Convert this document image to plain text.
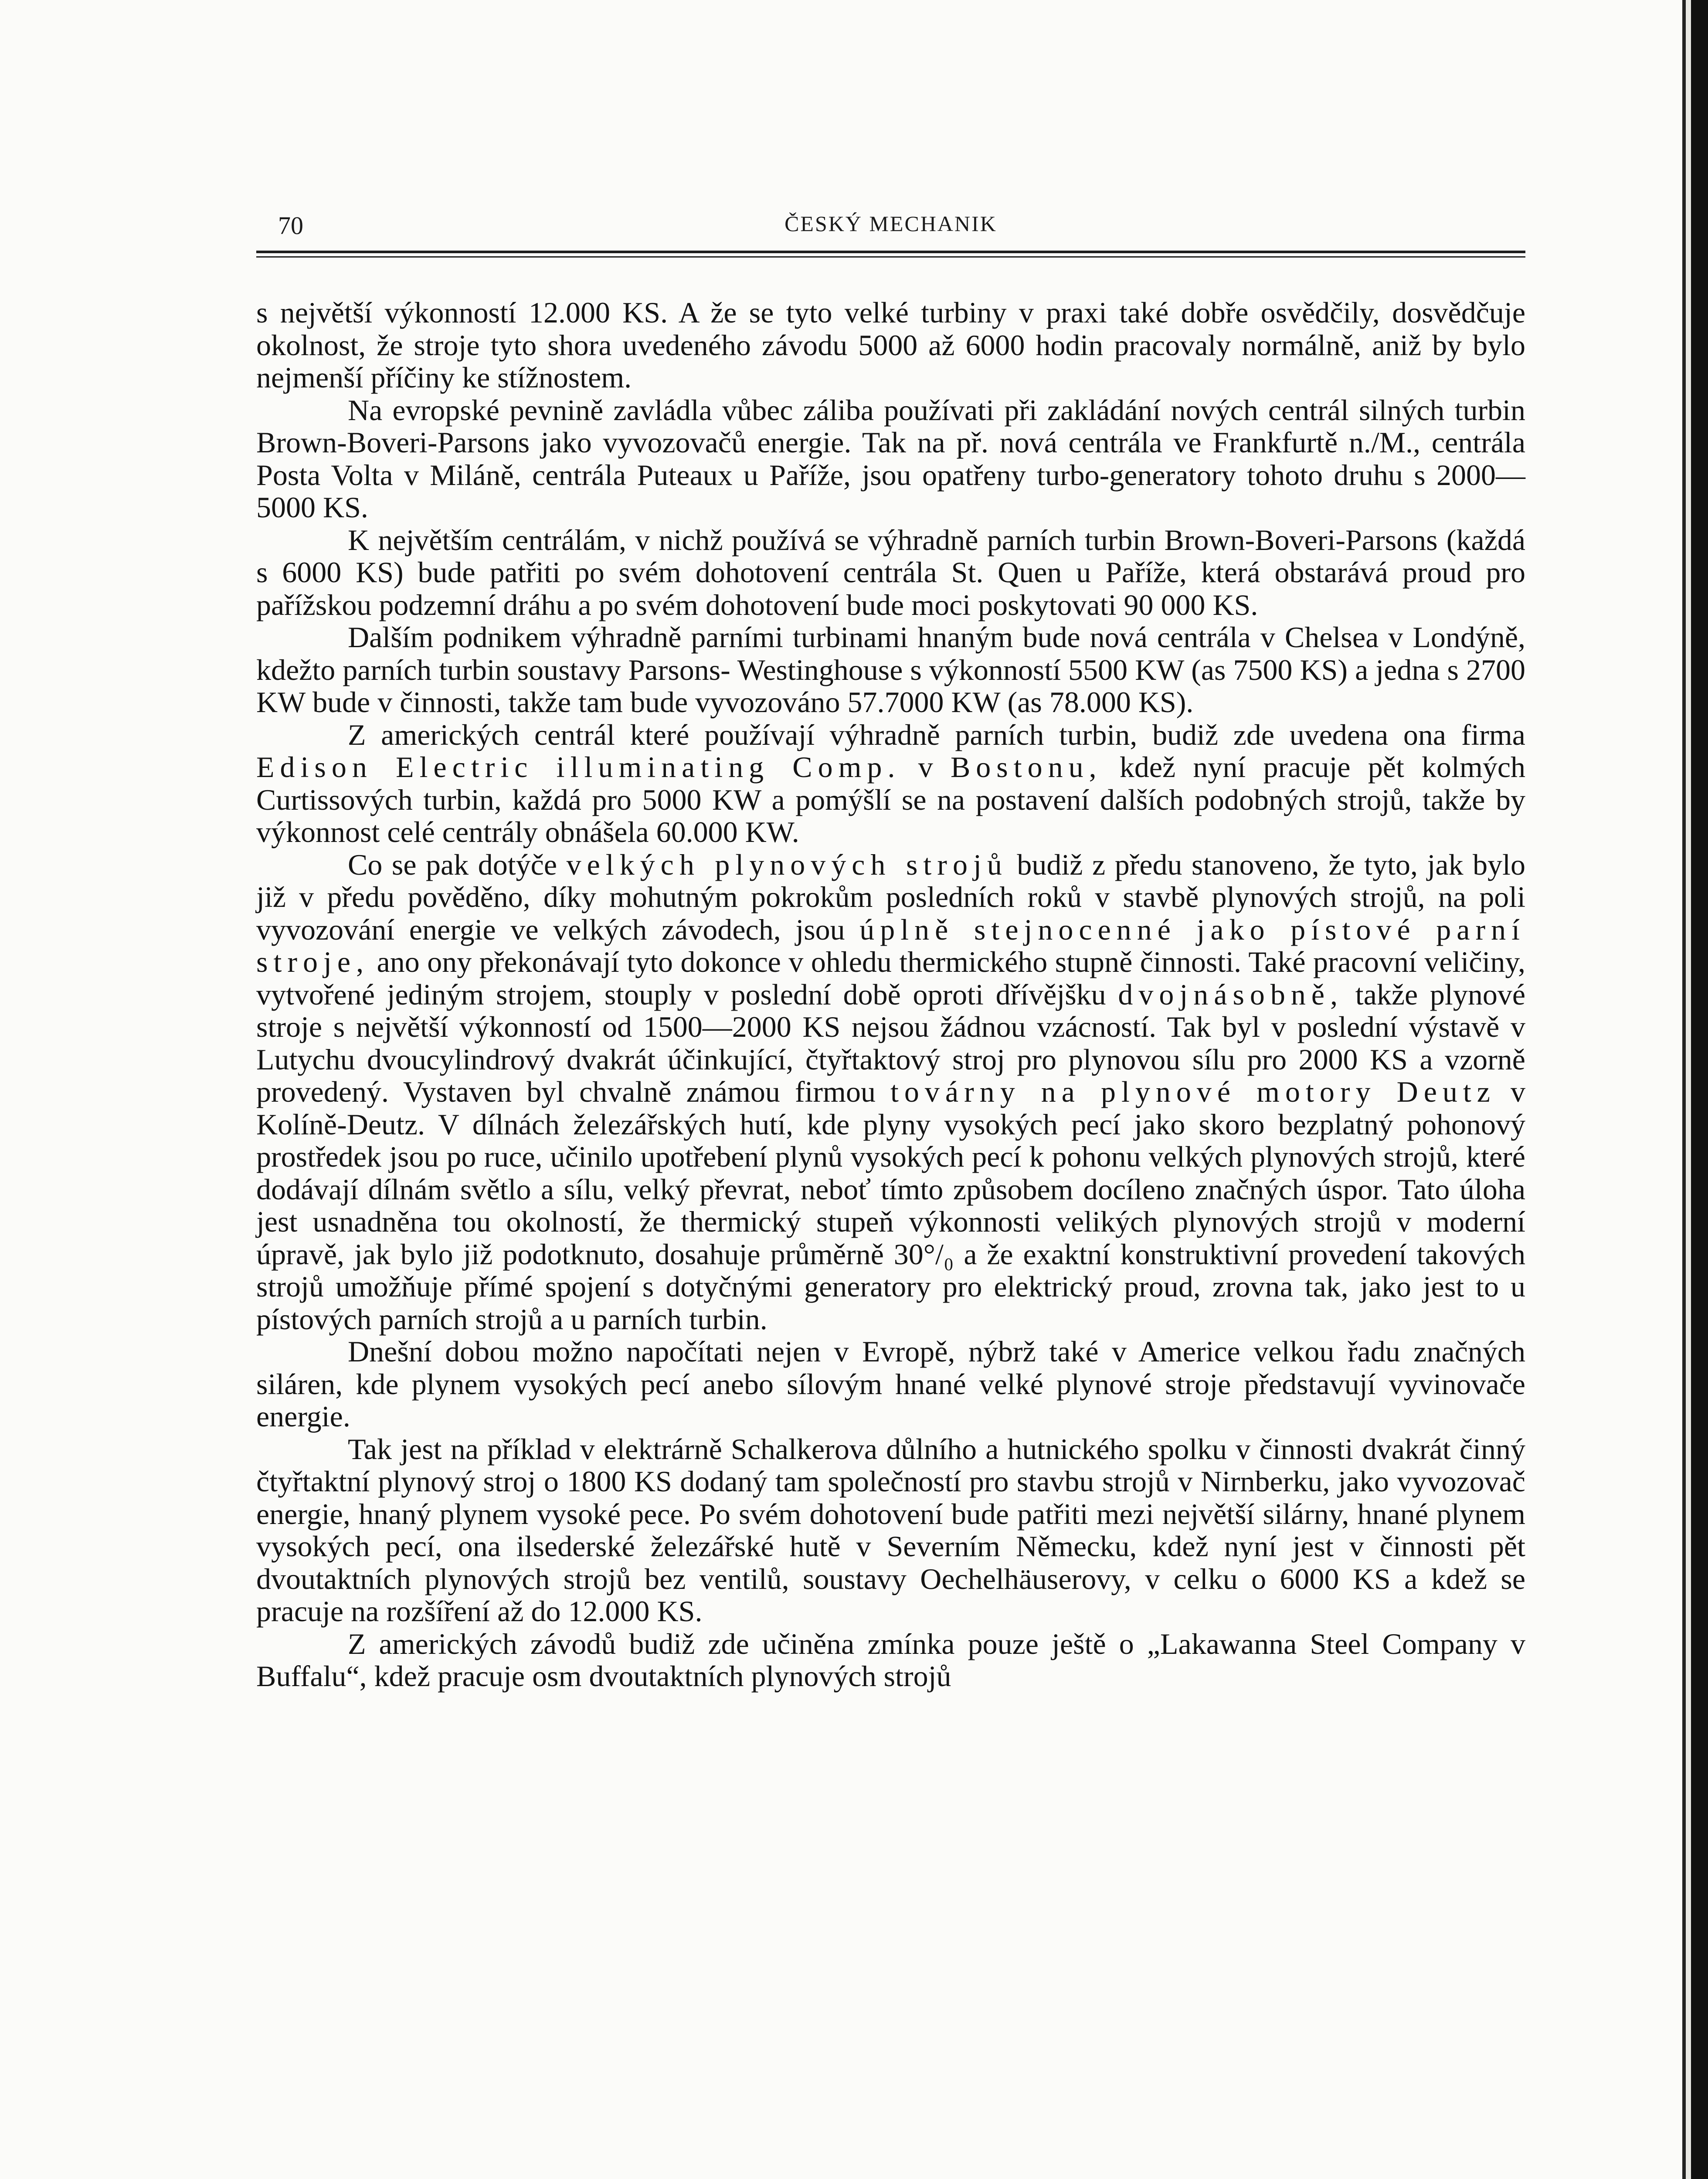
70	ČESKÝ MECHANIK

s největší výkonností 12.000 KS. A že se tyto velké turbiny v praxi také dobře osvědčily, dosvědčuje okolnost, že stroje tyto shora uvedeného závodu 5000 až 6000 hodin pracovaly normálně, aniž by bylo nejmenší příčiny ke stížnostem.

Na evropské pevnině zavládla vůbec záliba používati při zakládání nových centrál silných turbin Brown-Boveri-Parsons jako vyvozovačů energie. Tak na př. nová centrála ve Frankfurtě n./M., centrála Posta Volta v Miláně, centrála Puteaux u Paříže, jsou opatřeny turbo-generatory tohoto druhu s 2000—5000 KS.

K největším centrálám, v nichž používá se výhradně parních turbin Brown-Boveri-Parsons (každá s 6000 KS) bude patřiti po svém dohotovení centrála St. Quen u Paříže, která obstarává proud pro pařížskou podzemní dráhu a po svém dohotovení bude moci poskytovati 90 000 KS.

Dalším podnikem výhradně parními turbinami hnaným bude nová centrála v Chelsea v Londýně, kdežto parních turbin soustavy Parsons- Westinghouse s výkonností 5500 KW (as 7500 KS) a jedna s 2700 KW bude v činnosti, takže tam bude vyvozováno 57.7000 KW (as 78.000 KS).

Z amerických centrál které používají výhradně parních turbin, budiž zde uvedena ona firma Edison Electric illuminating Comp. v Bostonu, kdež nyní pracuje pět kolmých Curtissových turbin, každá pro 5000 KW a pomýšlí se na postavení dalších podobných strojů, takže by výkonnost celé centrály obnášela 60.000 KW.

Co se pak dotýče velkých plynových strojů budiž z předu stanoveno, že tyto, jak bylo již v předu pověděno, díky mohutným pokrokům posledních roků v stavbě plynových strojů, na poli vyvozování energie ve velkých závodech, jsou úplně stejnocenné jako pístové parní stroje, ano ony překonávají tyto dokonce v ohledu thermického stupně činnosti. Také pracovní veličiny, vytvořené jediným strojem, stouply v poslední době oproti dřívějšku dvojnásobně, takže plynové stroje s největší výkonností od 1500—2000 KS nejsou žádnou vzácností. Tak byl v poslední výstavě v Lutychu dvoucylindrový dvakrát účinkující, čtyřtaktový stroj pro plynovou sílu pro 2000 KS a vzorně provedený. Vystaven byl chvalně známou firmou továrny na plynové motory Deutz v Kolíně-Deutz. V dílnách železářských hutí, kde plyny vysokých pecí jako skoro bezplatný pohonový prostředek jsou po ruce, učinilo upotřebení plynů vysokých pecí k pohonu velkých plynových strojů, které dodávají dílnám světlo a sílu, velký převrat, neboť tímto způsobem docíleno značných úspor. Tato úloha jest usnadněna tou okolností, že thermický stupeň výkonnosti velikých plynových strojů v moderní úpravě, jak bylo již podotknuto, dosahuje průměrně 30°/₀ a že exaktní konstruktivní provedení takových strojů umožňuje přímé spojení s dotyčnými generatory pro elektrický proud, zrovna tak, jako jest to u pístových parních strojů a u parních turbin.

Dnešní dobou možno napočítati nejen v Evropě, nýbrž také v Americe velkou řadu značných siláren, kde plynem vysokých pecí anebo sílovým hnané velké plynové stroje představují vyvinovače energie.

Tak jest na příklad v elektrárně Schalkerova důlního a hutnického spolku v činnosti dvakrát činný čtyřtaktní plynový stroj o 1800 KS dodaný tam společností pro stavbu strojů v Nirnberku, jako vyvozovač energie, hnaný plynem vysoké pece. Po svém dohotovení bude patřiti mezi největší silárny, hnané plynem vysokých pecí, ona ilsederské železářské hutě v Severním Německu, kdež nyní jest v činnosti pět dvoutaktních plynových strojů bez ventilů, soustavy Oechelhäuserovy, v celku o 6000 KS a kdež se pracuje na rozšíření až do 12.000 KS.

Z amerických závodů budiž zde učiněna zmínka pouze ještě o „Lakawanna Steel Company v Buffalu“, kdež pracuje osm dvoutaktních plynových strojů
